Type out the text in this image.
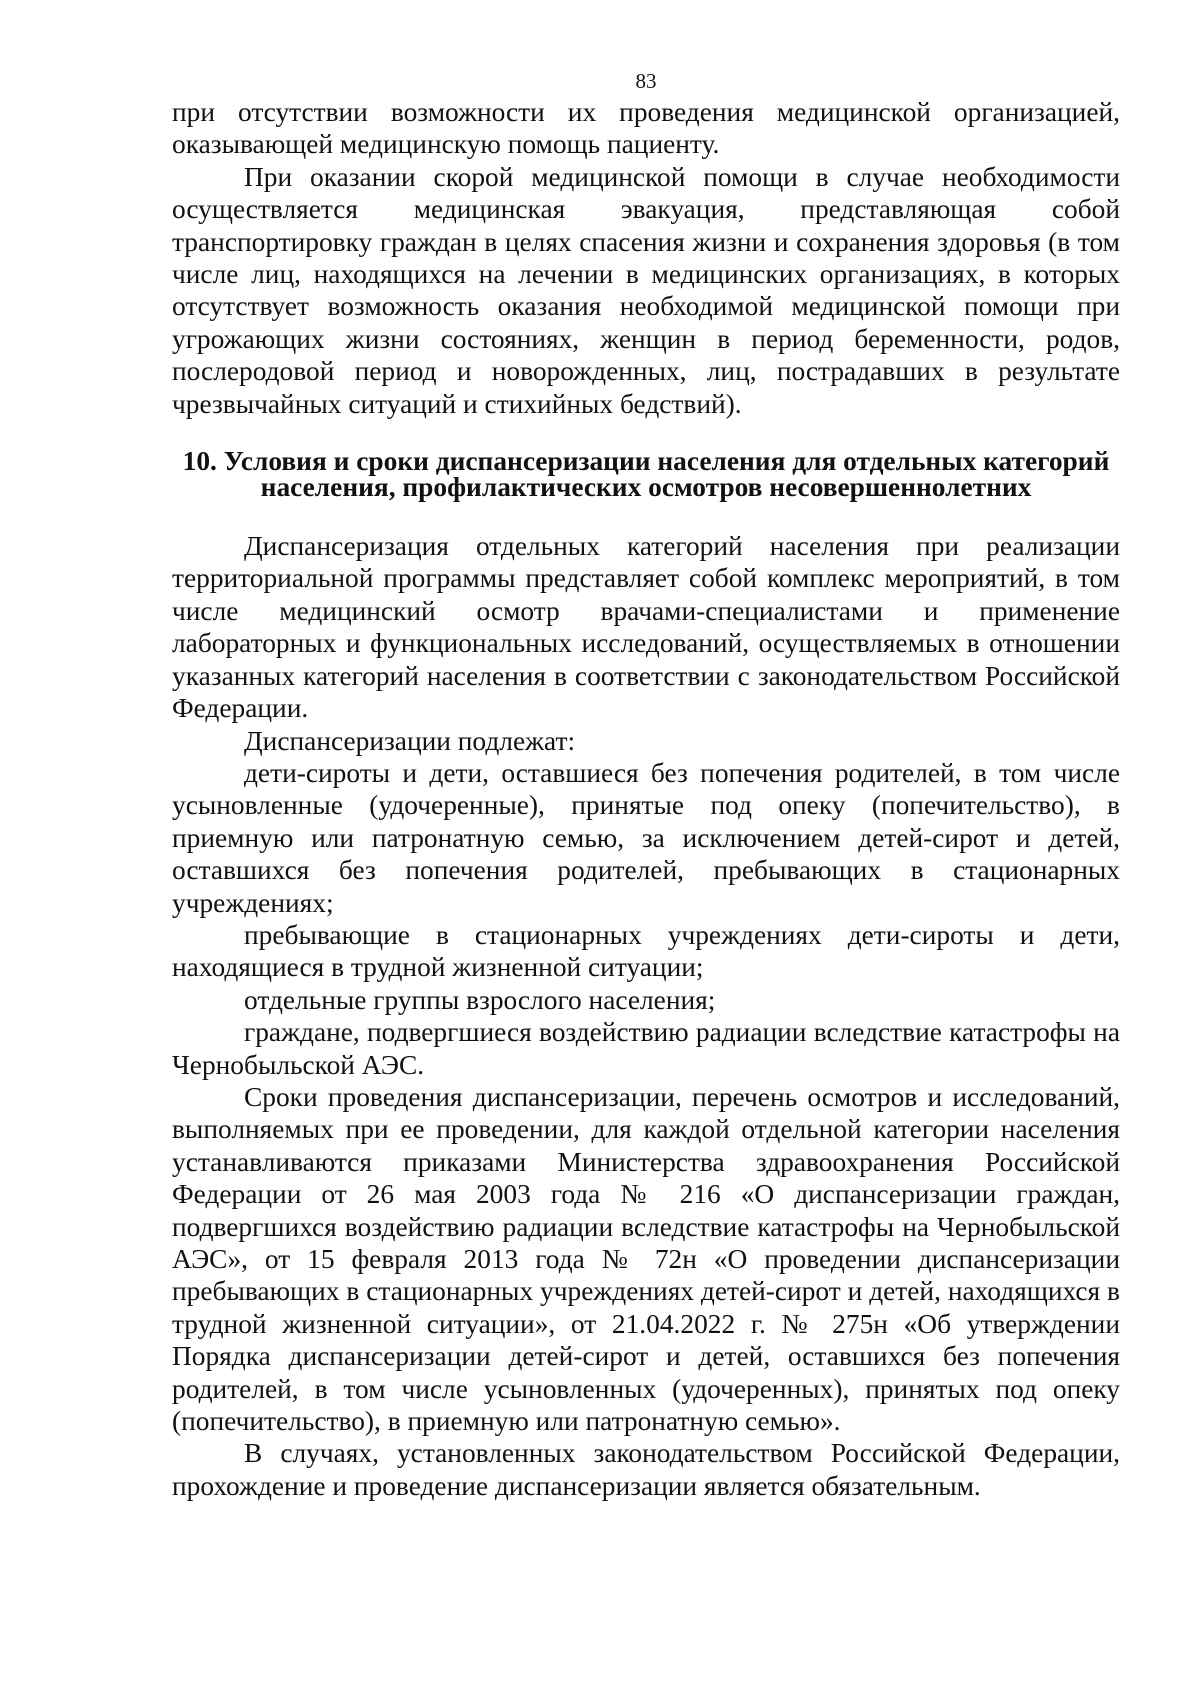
83

при отсутствии возможности их проведения медицинской организацией, оказывающей медицинскую помощь пациенту.

При оказании скорой медицинской помощи в случае необходимости осуществляется медицинская эвакуация, представляющая собой транспортировку граждан в целях спасения жизни и сохранения здоровья (в том числе лиц, находящихся на лечении в медицинских организациях, в которых отсутствует возможность оказания необходимой медицинской помощи при угрожающих жизни состояниях, женщин в период беременности, родов, послеродовой период и новорожденных, лиц, пострадавших в результате чрезвычайных ситуаций и стихийных бедствий).

10. Условия и сроки диспансеризации населения для отдельных категорий населения, профилактических осмотров несовершеннолетних

Диспансеризация отдельных категорий населения при реализации территориальной программы представляет собой комплекс мероприятий, в том числе медицинский осмотр врачами-специалистами и применение лабораторных и функциональных исследований, осуществляемых в отношении указанных категорий населения в соответствии с законодательством Российской Федерации.

Диспансеризации подлежат:

дети-сироты и дети, оставшиеся без попечения родителей, в том числе усыновленные (удочеренные), принятые под опеку (попечительство), в приемную или патронатную семью, за исключением детей-сирот и детей, оставшихся без попечения родителей, пребывающих в стационарных учреждениях;

пребывающие в стационарных учреждениях дети-сироты и дети, находящиеся в трудной жизненной ситуации;

отдельные группы взрослого населения;

граждане, подвергшиеся воздействию радиации вследствие катастрофы на Чернобыльской АЭС.

Сроки проведения диспансеризации, перечень осмотров и исследований, выполняемых при ее проведении, для каждой отдельной категории населения устанавливаются приказами Министерства здравоохранения Российской Федерации от 26 мая 2003 года № 216 «О диспансеризации граждан, подвергшихся воздействию радиации вследствие катастрофы на Чернобыльской АЭС», от 15 февраля 2013 года № 72н «О проведении диспансеризации пребывающих в стационарных учреждениях детей-сирот и детей, находящихся в трудной жизненной ситуации», от 21.04.2022 г. № 275н «Об утверждении Порядка диспансеризации детей-сирот и детей, оставшихся без попечения родителей, в том числе усыновленных (удочеренных), принятых под опеку (попечительство), в приемную или патронатную семью».

В случаях, установленных законодательством Российской Федерации, прохождение и проведение диспансеризации является обязательным.
